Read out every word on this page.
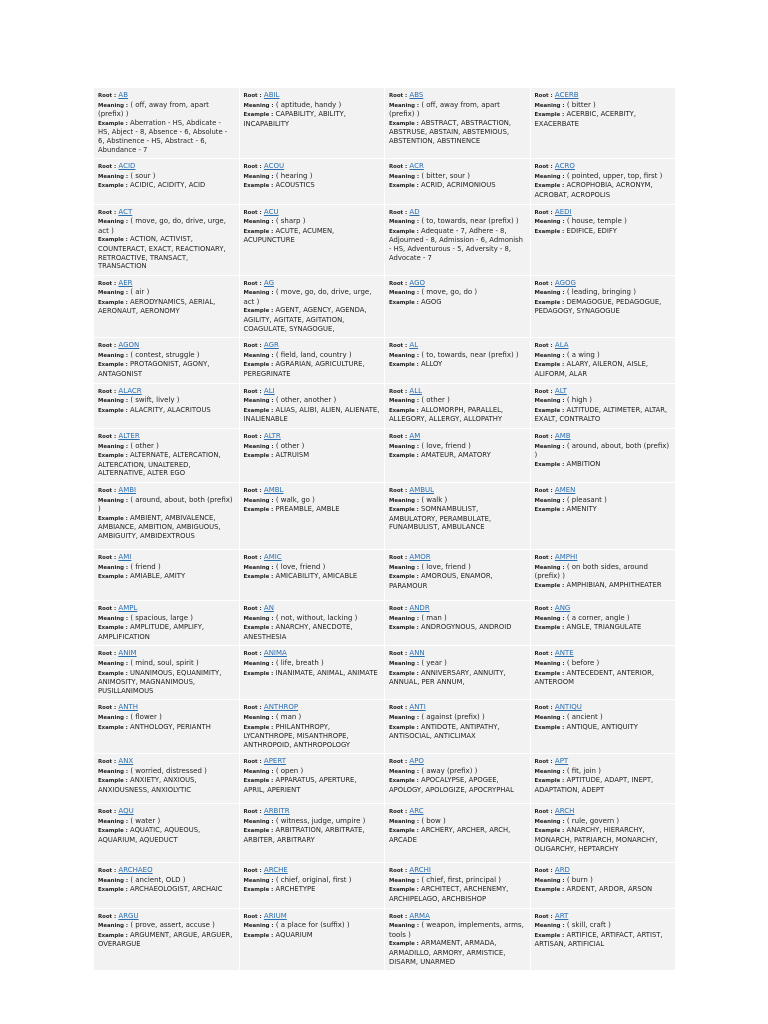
Root : AB
Meaning : ( off, away from, apart (prefix) )
Example : Aberration - HS, Abdicate - HS, Abject - 8, Absence - 6, Absolute - 6, Abstinence - HS, Abstract - 6, Abundance - 7	Root : ABIL
Meaning : ( aptitude, handy )
Example : CAPABILITY, ABILITY, INCAPABILITY	Root : ABS
Meaning : ( off, away from, apart (prefix) )
Example : ABSTRACT, ABSTRACTION, ABSTRUSE, ABSTAIN, ABSTEMIOUS, ABSTENTION, ABSTINENCE	Root : ACERB
Meaning : ( bitter )
Example : ACERBIC, ACERBITY, EXACERBATE

Root : ACID
Meaning : ( sour )
Example : ACIDIC, ACIDITY, ACID	Root : ACOU
Meaning : ( hearing )
Example : ACOUSTICS	Root : ACR
Meaning : ( bitter, sour )
Example : ACRID, ACRIMONIOUS	Root : ACRO
Meaning : ( pointed, upper, top, first )
Example : ACROPHOBIA, ACRONYM, ACROBAT, ACROPOLIS

Root : ACT
Meaning : ( move, go, do, drive, urge, act )
Example : ACTION, ACTIVIST, COUNTERACT, EXACT, REACTIONARY, RETROACTIVE, TRANSACT, TRANSACTION	Root : ACU
Meaning : ( sharp )
Example : ACUTE, ACUMEN, ACUPUNCTURE	Root : AD
Meaning : ( to, towards, near (prefix) )
Example : Adequate - 7, Adhere - 8, Adjourned - 8, Admission - 6, Admonish - HS, Adventurous - 5, Adversity - 8, Advocate - 7	Root : AEDI
Meaning : ( house, temple )
Example : EDIFICE, EDIFY

Root : AER
Meaning : ( air )
Example : AERODYNAMICS, AERIAL, AERONAUT, AERONOMY	Root : AG
Meaning : ( move, go, do, drive, urge, act )
Example : AGENT, AGENCY, AGENDA, AGILITY, AGITATE, AGITATION, COAGULATE, SYNAGOGUE,	Root : AGO
Meaning : ( move, go, do )
Example : AGOG	Root : AGOG
Meaning : ( leading, bringing )
Example : DEMAGOGUE, PEDAGOGUE, PEDAGOGY, SYNAGOGUE

Root : AGON
Meaning : ( contest, struggle )
Example : PROTAGONIST, AGONY, ANTAGONIST	Root : AGR
Meaning : ( field, land, country )
Example : AGRARIAN, AGRICULTURE, PEREGRINATE	Root : AL
Meaning : ( to, towards, near (prefix) )
Example : ALLOY	Root : ALA
Meaning : ( a wing )
Example : ALARY, AILERON, AISLE, ALIFORM, ALAR

Root : ALACR
Meaning : ( swift, lively )
Example : ALACRITY, ALACRITOUS	Root : ALI
Meaning : ( other, another )
Example : ALIAS, ALIBI, ALIEN, ALIENATE, INALIENABLE	Root : ALL
Meaning : ( other )
Example : ALLOMORPH, PARALLEL, ALLEGORY, ALLERGY, ALLOPATHY	Root : ALT
Meaning : ( high )
Example : ALTITUDE, ALTIMETER, ALTAR, EXALT, CONTRALTO

Root : ALTER
Meaning : ( other )
Example : ALTERNATE, ALTERCATION, ALTERCATION, UNALTERED, ALTERNATIVE, ALTER EGO	Root : ALTR
Meaning : ( other )
Example : ALTRUISM	Root : AM
Meaning : ( love, friend )
Example : AMATEUR, AMATORY	Root : AMB
Meaning : ( around, about, both (prefix) )
Example : AMBITION

Root : AMBI
Meaning : ( around, about, both (prefix) )
Example : AMBIENT, AMBIVALENCE, AMBIANCE, AMBITION, AMBIGUOUS, AMBIGUITY, AMBIDEXTROUS	Root : AMBL
Meaning : ( walk, go )
Example : PREAMBLE, AMBLE	Root : AMBUL
Meaning : ( walk )
Example : SOMNAMBULIST, AMBULATORY, PERAMBULATE, FUNAMBULIST, AMBULANCE	Root : AMEN
Meaning : ( pleasant )
Example : AMENITY

Root : AMI
Meaning : ( friend )
Example : AMIABLE, AMITY	Root : AMIC
Meaning : ( love, friend )
Example : AMICABILITY, AMICABLE	Root : AMOR
Meaning : ( love, friend )
Example : AMOROUS, ENAMOR, PARAMOUR	Root : AMPHI
Meaning : ( on both sides, around (prefix) )
Example : AMPHIBIAN, AMPHITHEATER

Root : AMPL
Meaning : ( spacious, large )
Example : AMPLITUDE, AMPLIFY, AMPLIFICATION	Root : AN
Meaning : ( not, without, lacking )
Example : ANARCHY, ANECDOTE, ANESTHESIA	Root : ANDR
Meaning : ( man )
Example : ANDROGYNOUS, ANDROID	Root : ANG
Meaning : ( a corner, angle )
Example : ANGLE, TRIANGULATE

Root : ANIM
Meaning : ( mind, soul, spirit )
Example : UNANIMOUS, EQUANIMITY, ANIMOSITY, MAGNANIMOUS, PUSILLANIMOUS	Root : ANIMA
Meaning : ( life, breath )
Example : INANIMATE, ANIMAL, ANIMATE	Root : ANN
Meaning : ( year )
Example : ANNIVERSARY, ANNUITY, ANNUAL, PER ANNUM,	Root : ANTE
Meaning : ( before )
Example : ANTECEDENT, ANTERIOR, ANTEROOM

Root : ANTH
Meaning : ( flower )
Example : ANTHOLOGY, PERIANTH	Root : ANTHROP
Meaning : ( man )
Example : PHILANTHROPY, LYCANTHROPE, MISANTHROPE, ANTHROPOID, ANTHROPOLOGY	Root : ANTI
Meaning : ( against (prefix) )
Example : ANTIDOTE, ANTIPATHY, ANTISOCIAL, ANTICLIMAX	Root : ANTIQU
Meaning : ( ancient )
Example : ANTIQUE, ANTIQUITY

Root : ANX
Meaning : ( worried, distressed )
Example : ANXIETY, ANXIOUS, ANXIOUSNESS, ANXIOLYTIC	Root : APERT
Meaning : ( open )
Example : APPARATUS, APERTURE, APRIL, APERIENT	Root : APO
Meaning : ( away (prefix) )
Example : APOCALYPSE, APOGEE, APOLOGY, APOLOGIZE, APOCRYPHAL	Root : APT
Meaning : ( fit, join )
Example : APTITUDE, ADAPT, INEPT, ADAPTATION, ADEPT

Root : AQU
Meaning : ( water )
Example : AQUATIC, AQUEOUS, AQUARIUM, AQUEDUCT	Root : ARBITR
Meaning : ( witness, judge, umpire )
Example : ARBITRATION, ARBITRATE, ARBITER, ARBITRARY	Root : ARC
Meaning : ( bow )
Example : ARCHERY, ARCHER, ARCH, ARCADE	Root : ARCH
Meaning : ( rule, govern )
Example : ANARCHY, HIERARCHY, MONARCH, PATRIARCH, MONARCHY, OLIGARCHY, HEPTARCHY

Root : ARCHAEO
Meaning : ( ancient, OLD )
Example : ARCHAEOLOGIST, ARCHAIC	Root : ARCHE
Meaning : ( chief, original, first )
Example : ARCHETYPE	Root : ARCHI
Meaning : ( chief, first, principal )
Example : ARCHITECT, ARCHENEMY, ARCHIPELAGO, ARCHBISHOP	Root : ARD
Meaning : ( burn )
Example : ARDENT, ARDOR, ARSON

Root : ARGU
Meaning : ( prove, assert, accuse )
Example : ARGUMENT, ARGUE, ARGUER, OVERARGUE	Root : ARIUM
Meaning : ( a place for (suffix) )
Example : AQUARIUM	Root : ARMA
Meaning : ( weapon, implements, arms, tools )
Example : ARMAMENT, ARMADA, ARMADILLO, ARMORY, ARMISTICE, DISARM, UNARMED	Root : ART
Meaning : ( skill, craft )
Example : ARTIFICE, ARTIFACT, ARTIST, ARTISAN, ARTIFICIAL
